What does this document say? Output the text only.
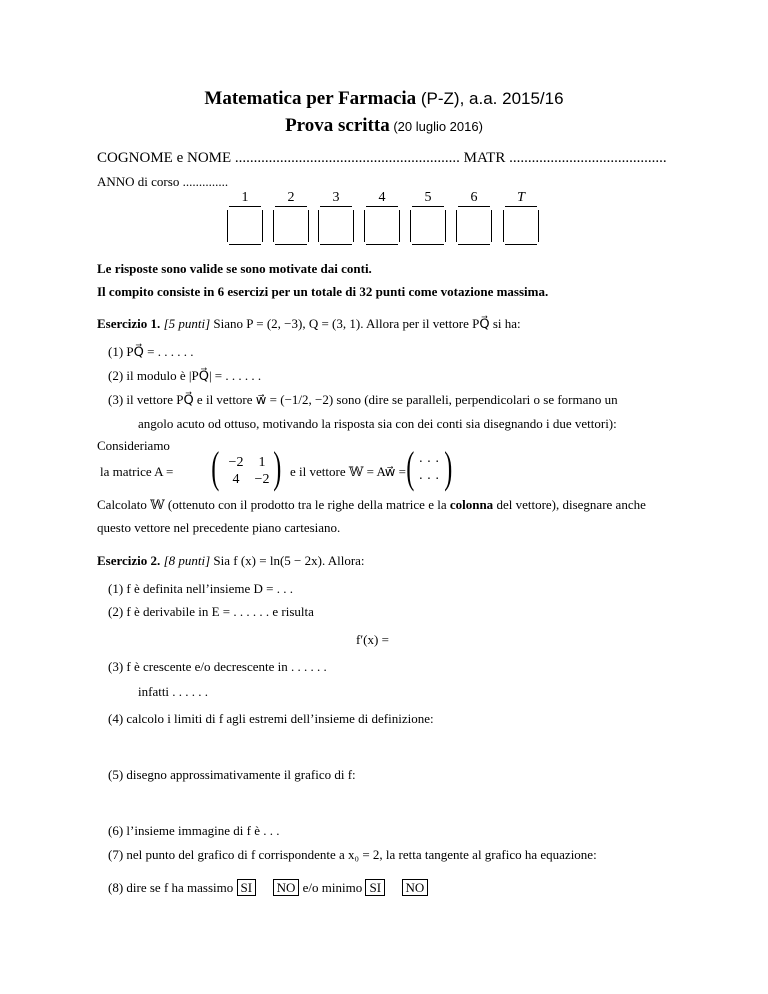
Matematica per Farmacia (P-Z), a.a. 2015/16
Prova scritta (20 luglio 2016)
COGNOME e NOME ............................................................ MATR ..........................................
ANNO di corso ..............
1	2	3	4	5	6	T
Le risposte sono valide se sono motivate dai conti.
Il compito consiste in 6 esercizi per un totale di 32 punti come votazione massima.
Esercizio 1. [5 punti] Siano P = (2, −3), Q = (3, 1). Allora per il vettore PQ⃗ si ha:
(1) PQ⃗ = . . . . . .
(2) il modulo è |PQ⃗| = . . . . . .
(3) il vettore PQ⃗ e il vettore w⃗ = (−1/2, −2) sono (dire se paralleli, perpendicolari o se formano un
angolo acuto od ottuso, motivando la risposta sia con dei conti sia disegnando i due vettori):
Consideriamo
la matrice A = ( −2	1
4	−2 ) e il vettore 𝕎 = Aw⃗ = ( · · ·
· · · )
Calcolato 𝕎 (ottenuto con il prodotto tra le righe della matrice e la colonna del vettore), disegnare anche
questo vettore nel precedente piano cartesiano.
Esercizio 2. [8 punti] Sia f (x) = ln(5 − 2x). Allora:
(1) f è definita nell’insieme D = . . .
(2) f è derivabile in E = . . . . . . e risulta
f′(x) =
(3) f è crescente e/o decrescente in . . . . . .
infatti . . . . . .
(4) calcolo i limiti di f agli estremi dell’insieme di definizione:
(5) disegno approssimativamente il grafico di f:
(6) l’insieme immagine di f è . . .
(7) nel punto del grafico di f corrispondente a x₀ = 2, la retta tangente al grafico ha equazione:
(8) dire se f ha massimo SI NO e/o minimo SI NO
